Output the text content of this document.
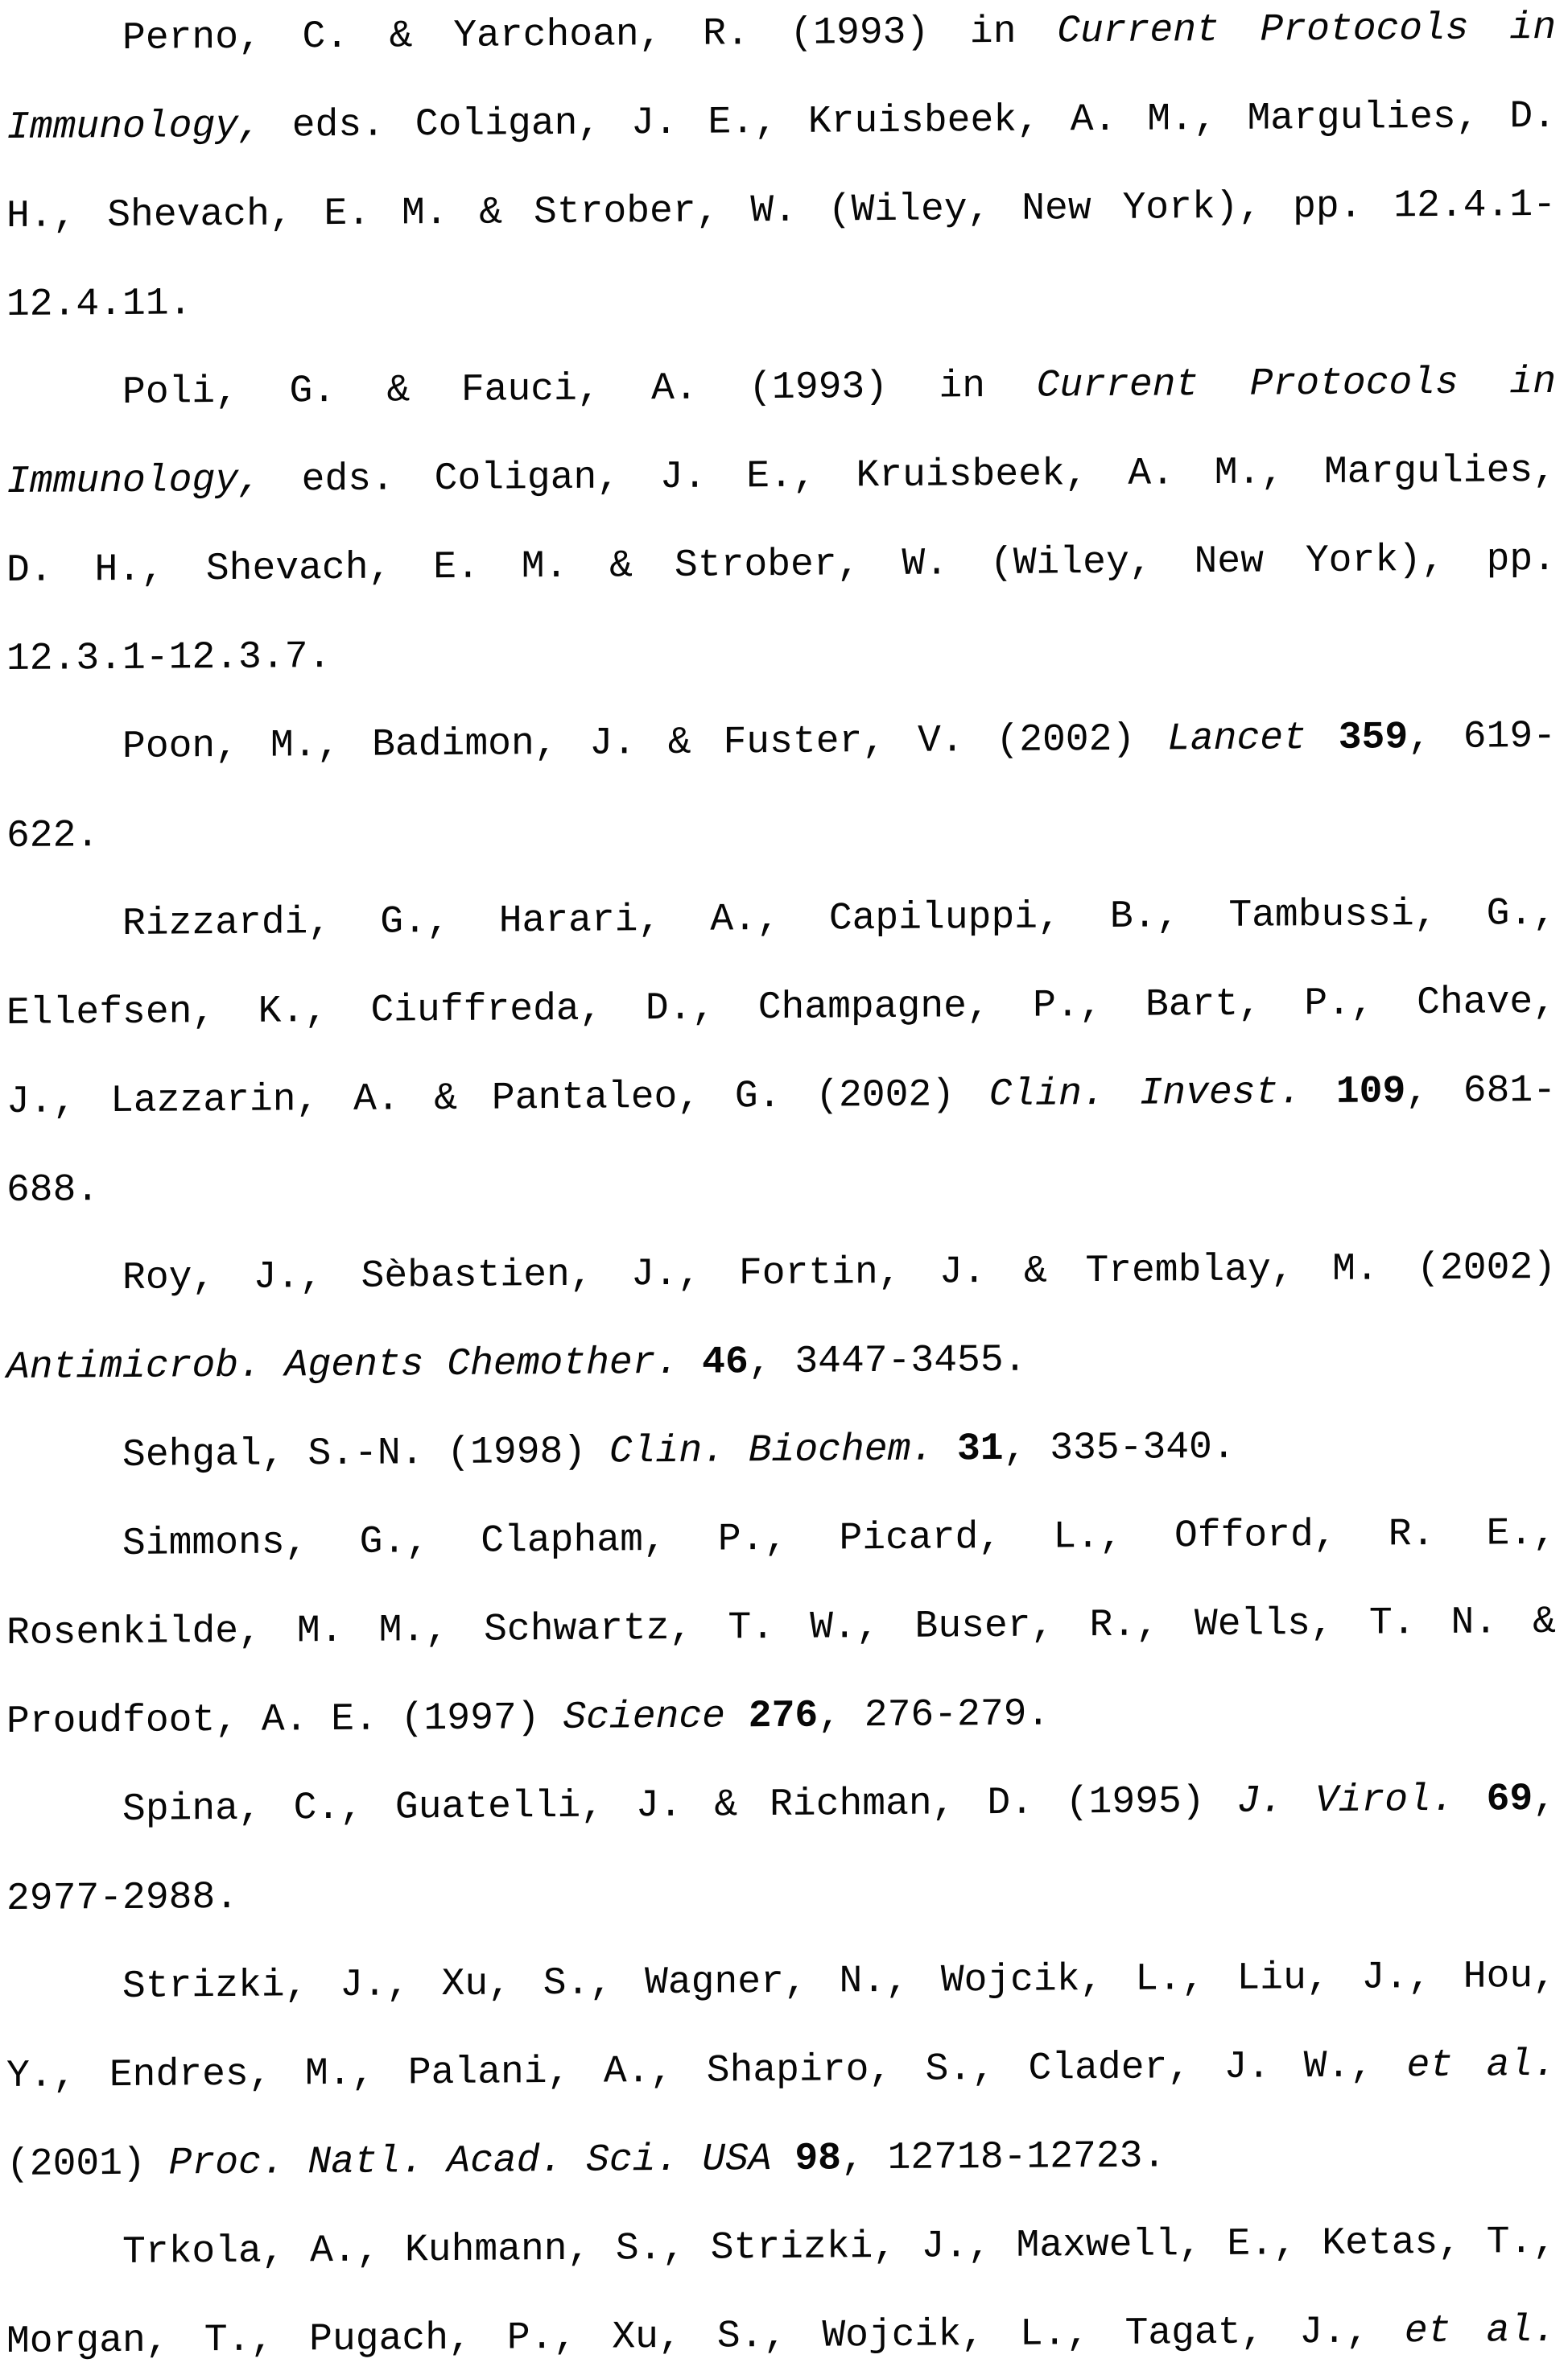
Perno, C. & Yarchoan, R. (1993) in Current Protocols in
Immunology, eds. Coligan, J. E., Kruisbeek, A. M., Margulies, D.
H., Shevach, E. M. & Strober, W. (Wiley, New York), pp. 12.4.1-
12.4.11.
Poli, G. & Fauci, A. (1993) in Current Protocols in
Immunology, eds. Coligan, J. E., Kruisbeek, A. M., Margulies,
D. H., Shevach, E. M. & Strober, W. (Wiley, New York), pp.
12.3.1-12.3.7.
Poon, M., Badimon, J. & Fuster, V. (2002) Lancet 359, 619-
622.
Rizzardi, G., Harari, A., Capiluppi, B., Tambussi, G.,
Ellefsen, K., Ciuffreda, D., Champagne, P., Bart, P., Chave,
J., Lazzarin, A. & Pantaleo, G. (2002) Clin. Invest. 109, 681-
688.
Roy, J., Sèbastien, J., Fortin, J. & Tremblay, M. (2002)
Antimicrob. Agents Chemother. 46, 3447-3455.
Sehgal, S.-N. (1998) Clin. Biochem. 31, 335-340.
Simmons, G., Clapham, P., Picard, L., Offord, R. E.,
Rosenkilde, M. M., Schwartz, T. W., Buser, R., Wells, T. N. &
Proudfoot, A. E. (1997) Science 276, 276-279.
Spina, C., Guatelli, J. & Richman, D. (1995) J. Virol. 69,
2977-2988.
Strizki, J., Xu, S., Wagner, N., Wojcik, L., Liu, J., Hou,
Y., Endres, M., Palani, A., Shapiro, S., Clader, J. W., et al.
(2001) Proc. Natl. Acad. Sci. USA 98, 12718-12723.
Trkola, A., Kuhmann, S., Strizki, J., Maxwell, E., Ketas, T.,
Morgan, T., Pugach, P., Xu, S., Wojcik, L., Tagat, J., et al.
